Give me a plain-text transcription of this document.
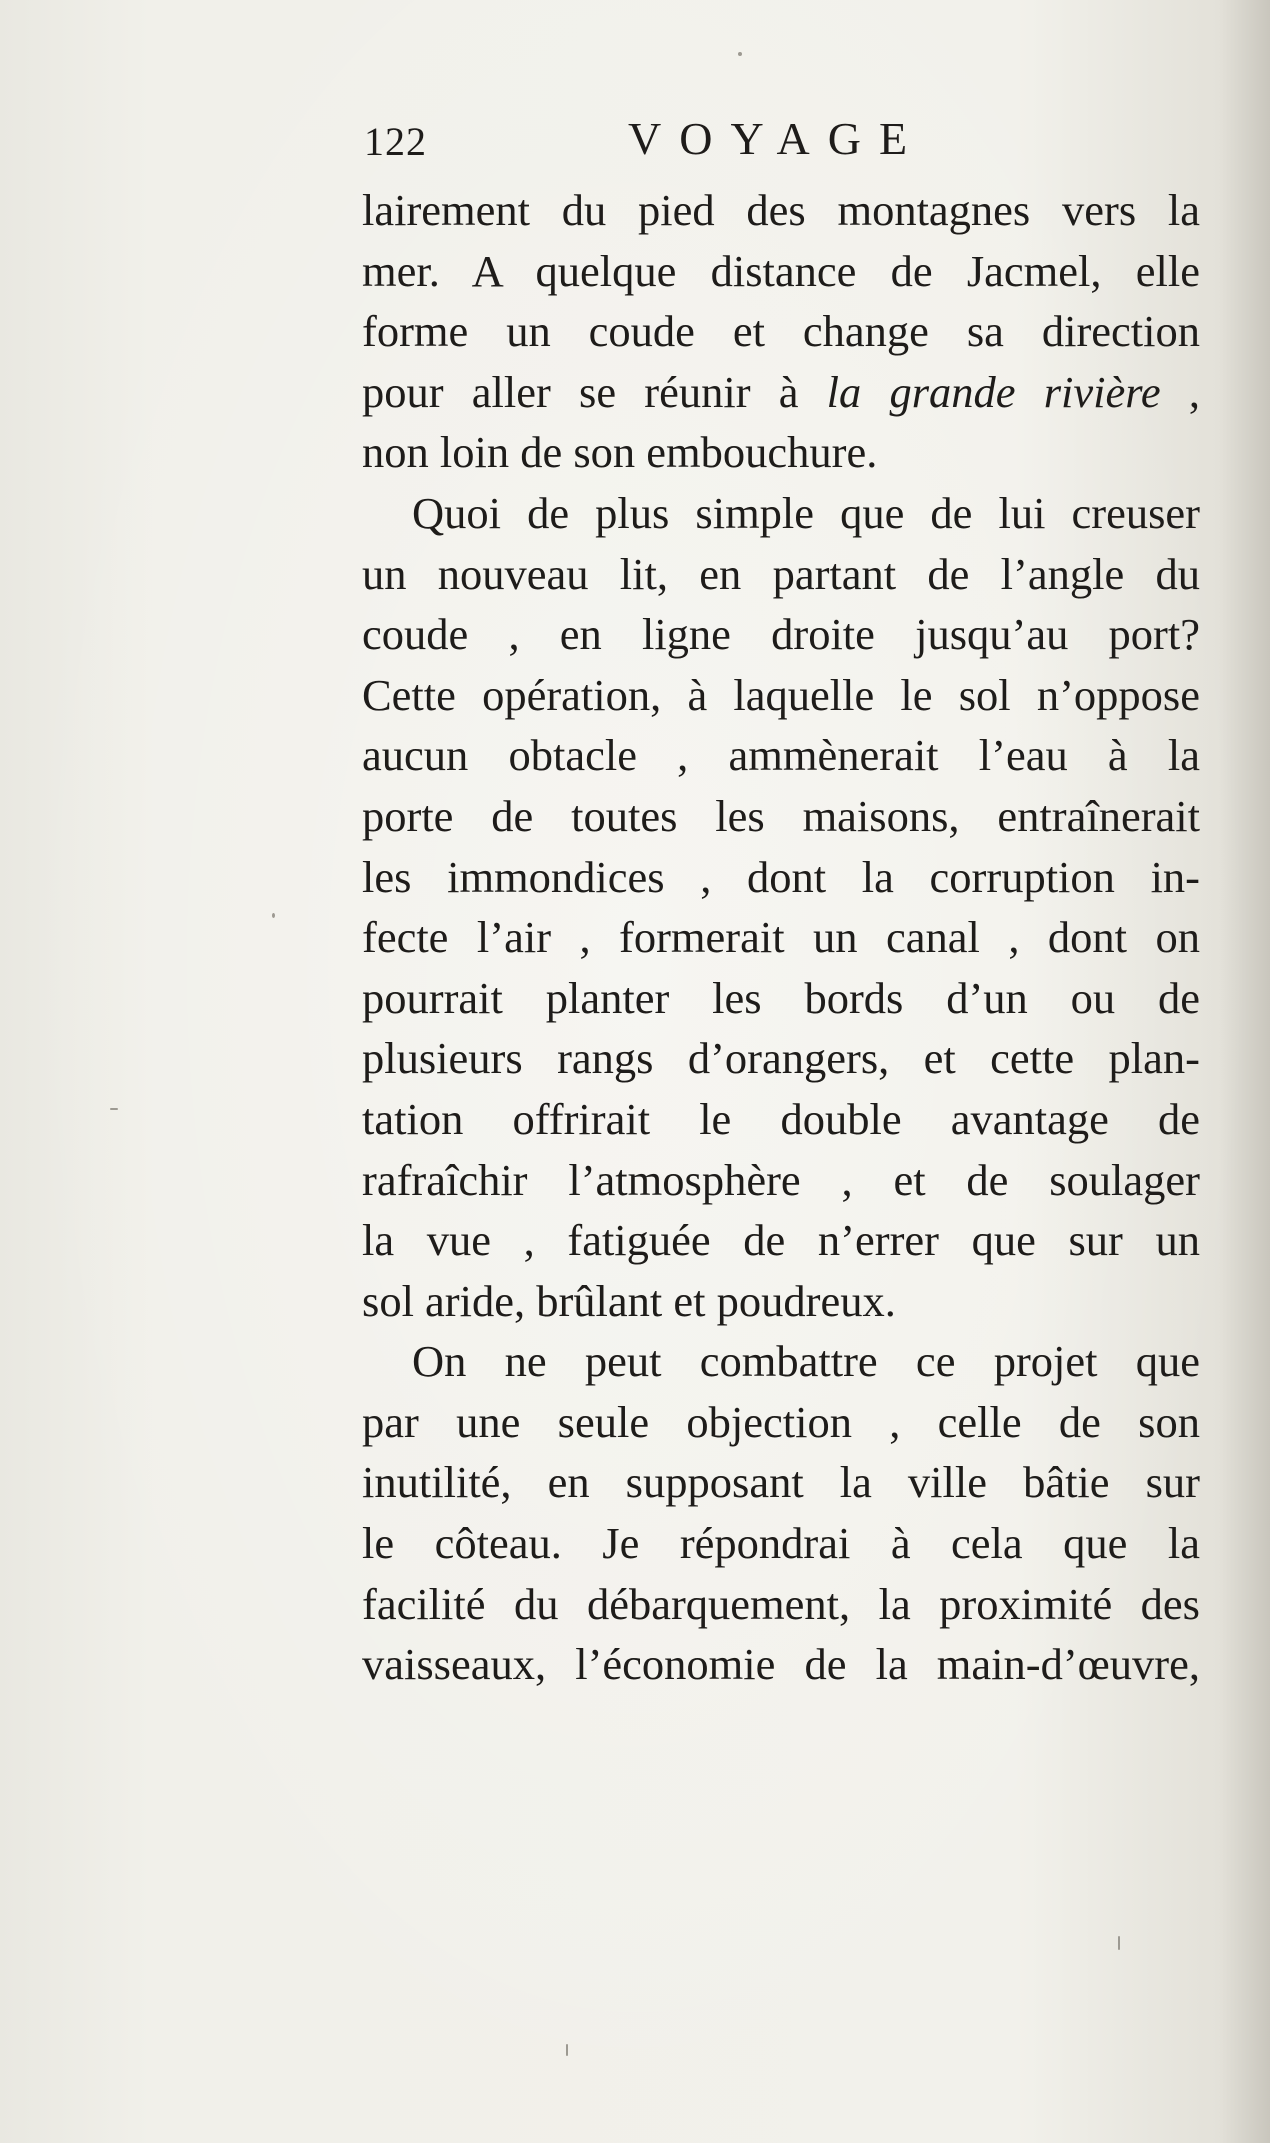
122	VOYAGE
lairement du pied des montagnes vers la
mer. A quelque distance de Jacmel, elle
forme un coude et change sa direction
pour aller se réunir à la grande rivière ,
non loin de son embouchure.
Quoi de plus simple que de lui creuser
un nouveau lit, en partant de l’angle du
coude , en ligne droite jusqu’au port?
Cette opération, à laquelle le sol n’oppose
aucun obtacle , ammènerait l’eau à la
porte de toutes les maisons, entraînerait
les immondices , dont la corruption in-
fecte l’air , formerait un canal , dont on
pourrait planter les bords d’un ou de
plusieurs rangs d’orangers, et cette plan-
tation offrirait le double avantage de
rafraîchir l’atmosphère , et de soulager
la vue , fatiguée de n’errer que sur un
sol aride, brûlant et poudreux.
On ne peut combattre ce projet que
par une seule objection , celle de son
inutilité, en supposant la ville bâtie sur
le côteau. Je répondrai à cela que la
facilité du débarquement, la proximité des
vaisseaux, l’économie de la main-d’œuvre,
